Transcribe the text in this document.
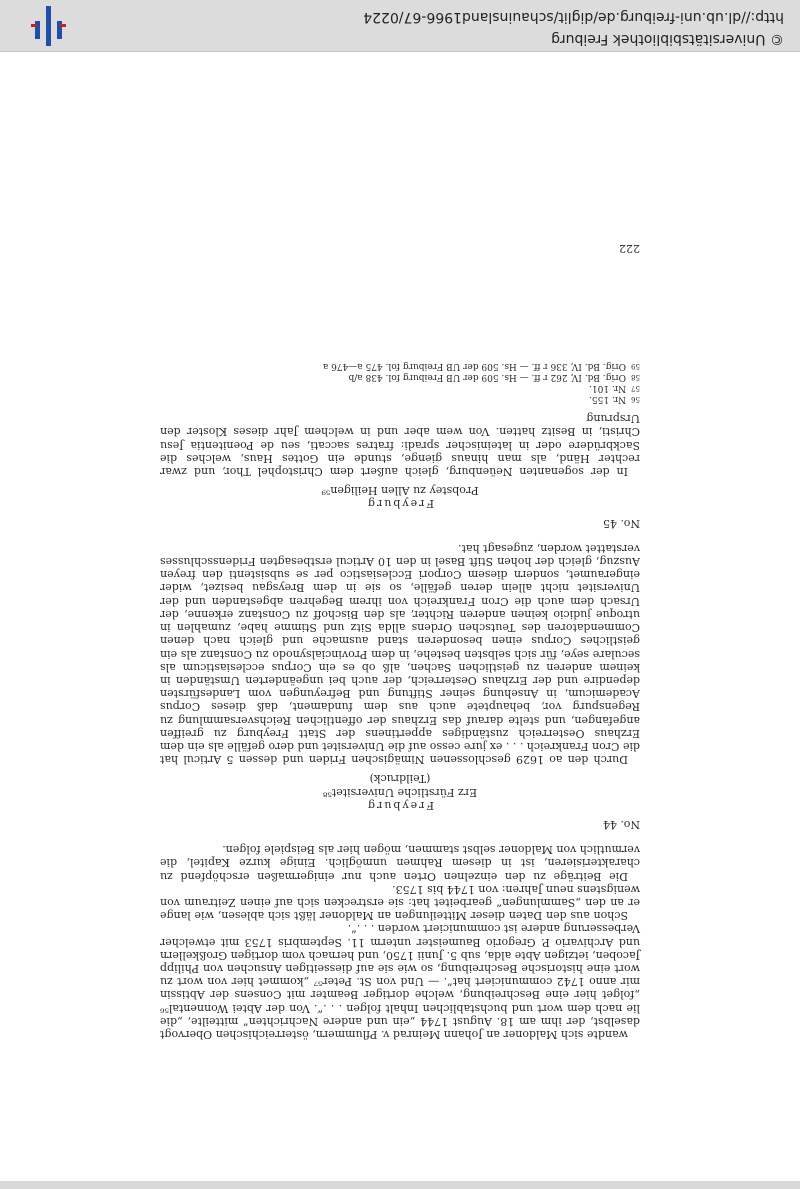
wandte sich Maldoner an Johann Meinrad v. Pflummern, österreichischen Obervogt daselbst, der ihm am 18. August 1744 „ein und andere Nachrichten“ mitteilte, „die lie nach dem wort und buchstablichen Inhalt folgen . . .“. Von der Abtei Wonnental⁵⁶ „folget hier eine Beschreibung, welche dortiger Beamter mit Consens der Abtissin mir anno 1742 communiciert hat“. — Und von St. Peter⁵⁷ „kommet hier von wort zu wort eine historische Beschreibung, so wie sie auf diesseitigen Ansuchen von Philipp Jacoben, ietzigen Abte alda, sub 5. Junii 1750, und hernach vom dortigen Großkellern und Archivario P. Gregorio Baumeister unterm 11. Septembris 1753 mit etwelcher Verbesserung andere ist communiciert worden . . .“.

Schon aus den Daten dieser Mitteilungen an Maldoner läßt sich ablesen, wie lange er an den „Sammlungen“ gearbeitet hat: sie erstrecken sich auf einen Zeitraum von wenigstens neun Jahren: von 1744 bis 1753.

Die Beiträge zu den einzelnen Orten auch nur einigermaßen erschöpfend zu charakterisieren, ist in diesem Rahmen unmöglich. Einige kurze Kapitel, die vermutlich von Maldoner selbst stammen, mögen hier als Beispiele folgen.

No. 44

Freyburg

Erz Fürstliche Universitet⁵⁸

(Teildruck)

Durch den ao 1629 geschlossenen Nimägischen Friden und dessen 5 Articul hat die Cron Frankreich . . . ex jure cesso auf die Universitet und dero gefälle als ein dem Erzhaus Oesterreich zuständiges appertinens der Statt Freyburg zu greiffen angefangen, und stelte darauf das Erzhaus der offentlichen Reichsversammlung zu Regenspurg vor, behauptete auch aus dem fundament, daß dieses Corpus Academicum, in Ansehung seiner Stiftung und Befreyungen vom Landesfürsten dependire und der Erzhaus Oesterreich, der auch bei ungeänderten Umständen in keinem anderen zu geistlichen Sachen, alß ob es ein Corpus ecclesiasticum als seculare seye, für sich selbsten bestehe, in dem Provincialsynodo zu Constanz als ein geistliches Corpus einen besonderen stand ausmache und gleich nach denen Commendatoren des Teutschen Ordens allda Sitz und Stimme habe, zumahlen in utroque judicio keinen anderen Richter, als den Bischoff zu Constanz erkenne, der Ursach dem auch die Cron Frankreich von ihrem Begehren abgestanden und der Universitet nicht allein deren gefälle, so sie in dem Breysgau besizet, wider eingeraumet, sondern diesem Corpori Ecclesiastico per se subsistenti den freyen Auszug, gleich der hohen Stift Basel in den 10 Articul erstbesagten Fridensschlusses verstattet worden, zugesagt hat.

No. 45

Freyburg

Probstey zu Allen Heiligen⁵⁹

In der sogenanten Neüenburg, gleich außert dem Christophel Thor, und zwar rechter Händ, als man hinaus gienge, stunde ein Gottes Haus, welches die Sackbrüdere oder in lateinischer spradi: fratres saccati, seu de Poenitentia Jesu Christi, in Besitz hatten. Von wem aber und in welchem Jahr dieses Kloster den Ursprung

56Nr. 155.
57Nr. 101.
58Orig. Bd. IV, 262 r ff. — Hs. 509 der UB Freiburg fol. 438 a/b
59Orig. Bd. IV, 336 r ff. — Hs. 509 der UB Freiburg fol. 475 a—476 a
222
© Universitätsbibliothek Freiburg
http://dl.ub.uni-freiburg.de/diglit/schauinsland1966-67/0224
